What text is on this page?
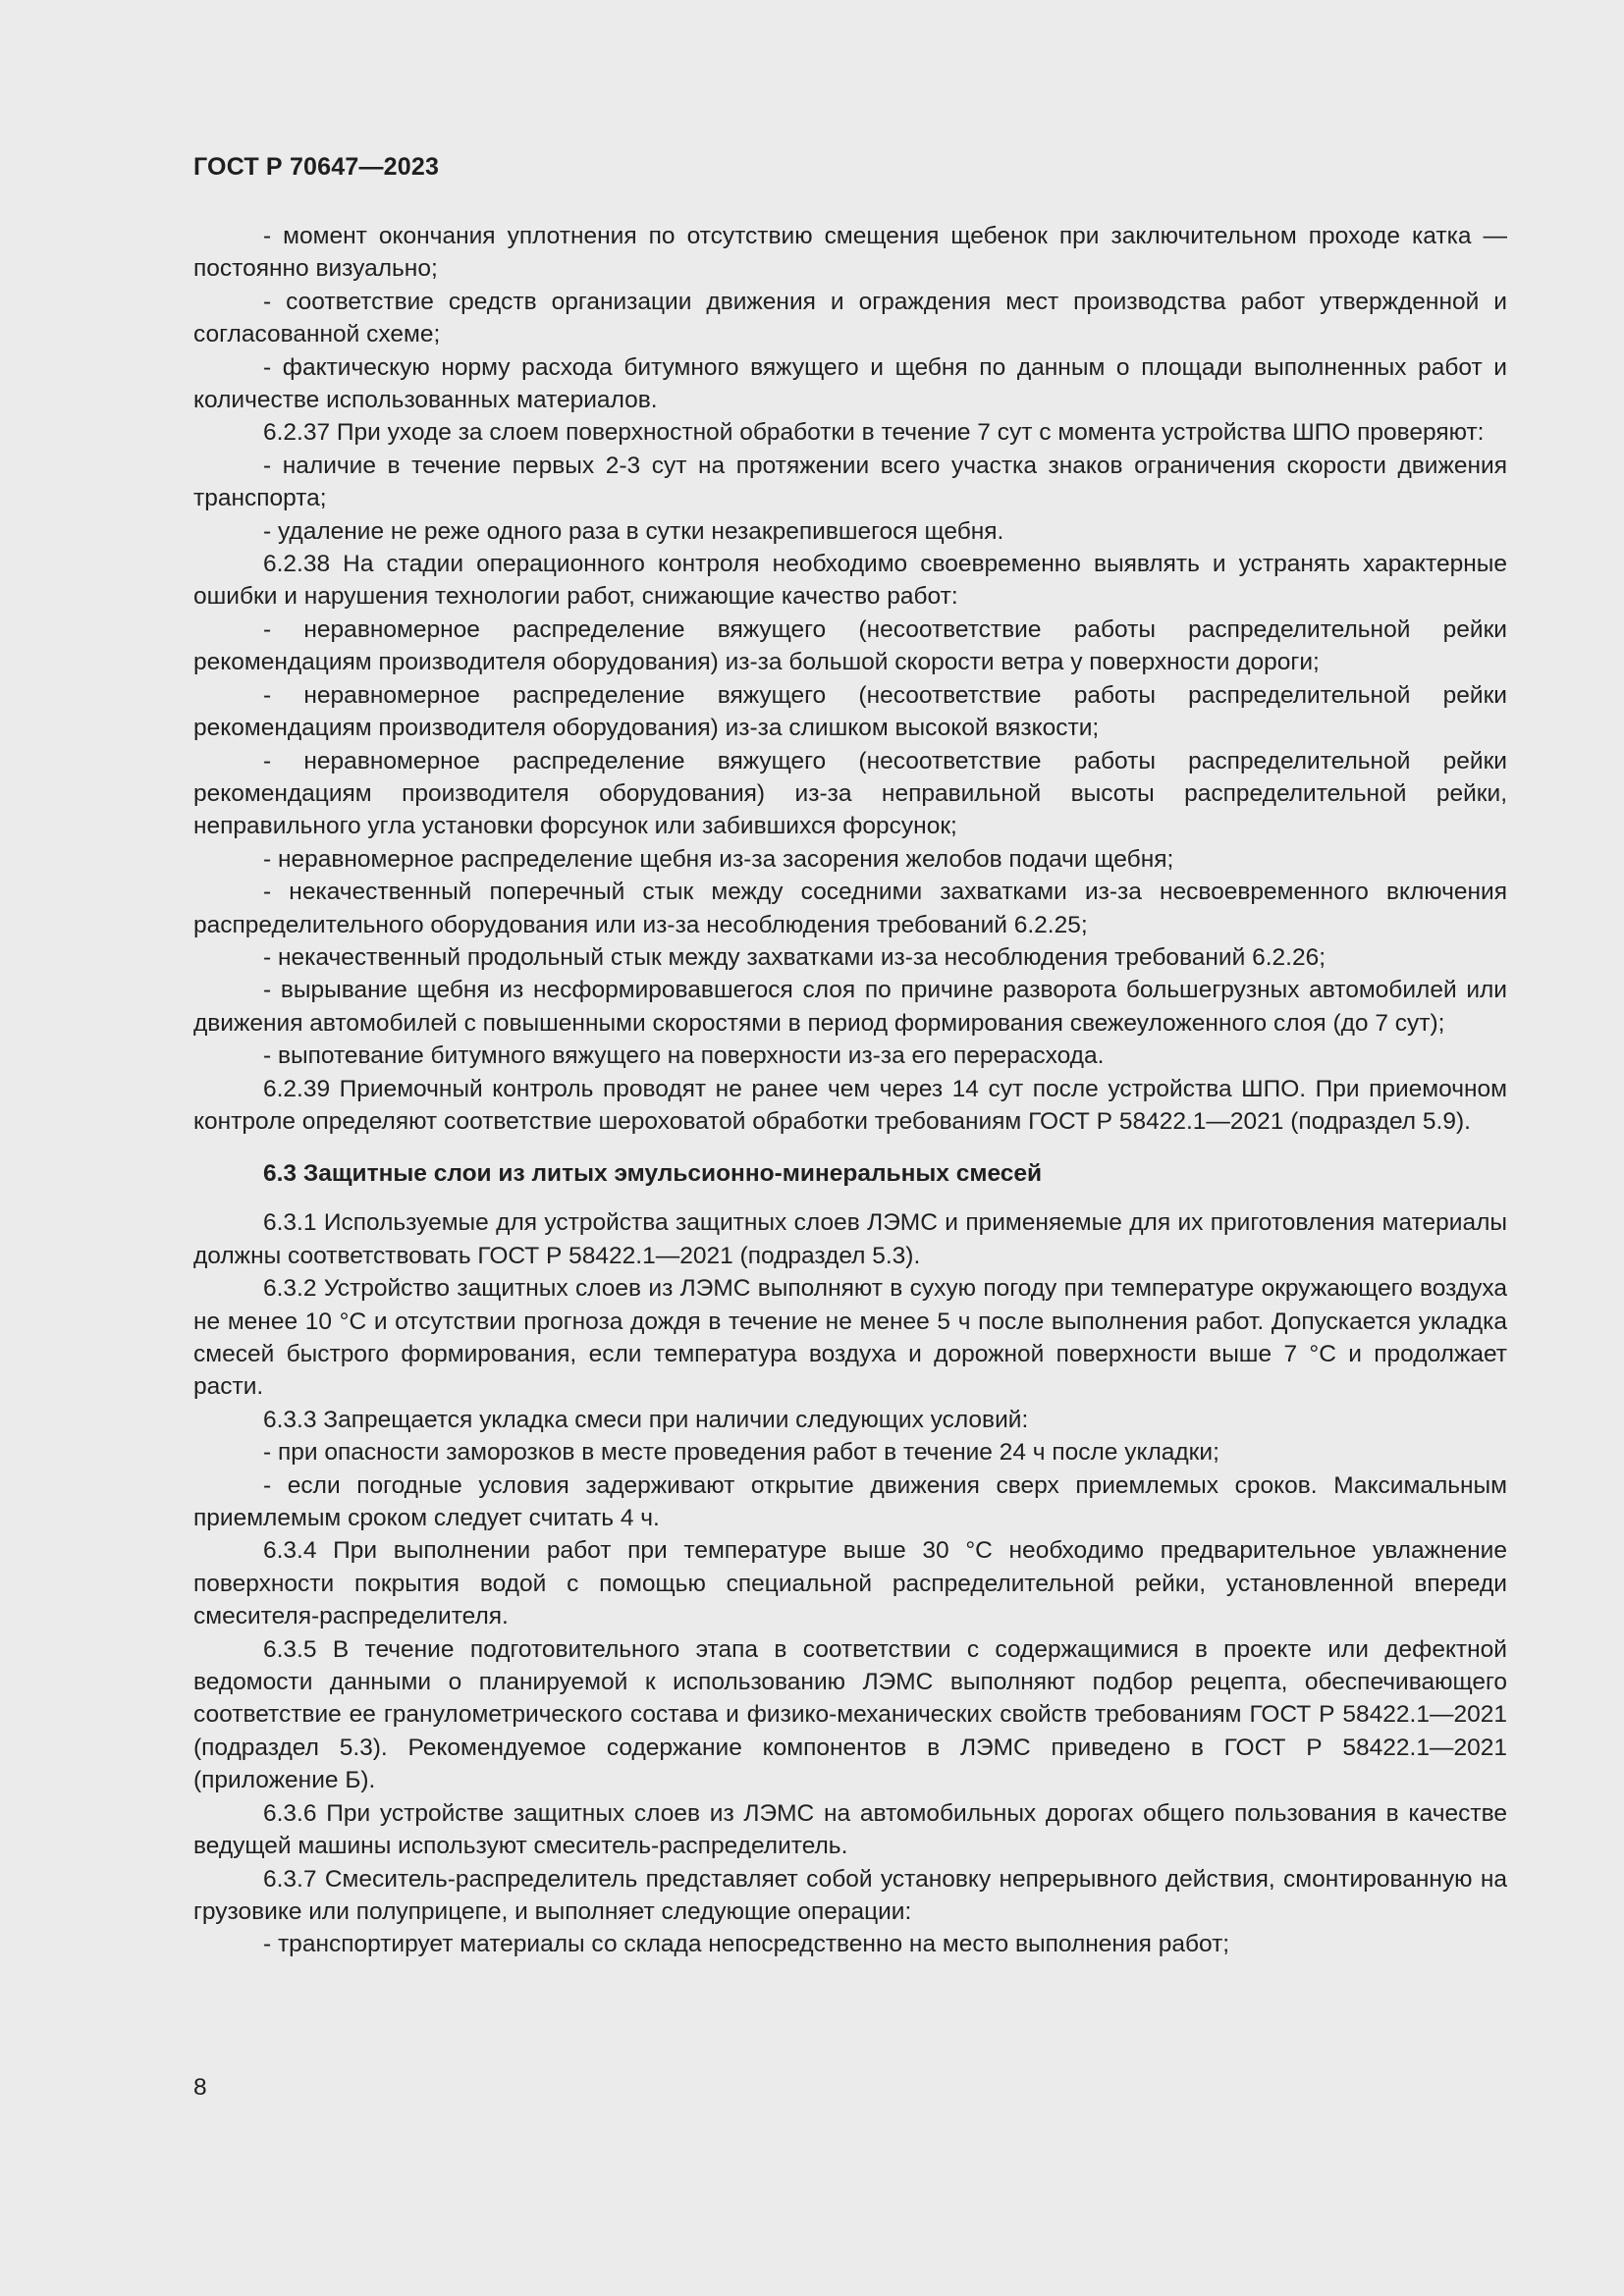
ГОСТ Р 70647—2023

- момент окончания уплотнения по отсутствию смещения щебенок при заключительном проходе катка — постоянно визуально;

- соответствие средств организации движения и ограждения мест производства работ утвержденной и согласованной схеме;

- фактическую норму расхода битумного вяжущего и щебня по данным о площади выполненных работ и количестве использованных материалов.

6.2.37 При уходе за слоем поверхностной обработки в течение 7 сут с момента устройства ШПО проверяют:

- наличие в течение первых 2-3 сут на протяжении всего участка знаков ограничения скорости движения транспорта;

- удаление не реже одного раза в сутки незакрепившегося щебня.

6.2.38 На стадии операционного контроля необходимо своевременно выявлять и устранять характерные ошибки и нарушения технологии работ, снижающие качество работ:

- неравномерное распределение вяжущего (несоответствие работы распределительной рейки рекомендациям производителя оборудования) из-за большой скорости ветра у поверхности дороги;

- неравномерное распределение вяжущего (несоответствие работы распределительной рейки рекомендациям производителя оборудования) из-за слишком высокой вязкости;

- неравномерное распределение вяжущего (несоответствие работы распределительной рейки рекомендациям производителя оборудования) из-за неправильной высоты распределительной рейки, неправильного угла установки форсунок или забившихся форсунок;

- неравномерное распределение щебня из-за засорения желобов подачи щебня;

- некачественный поперечный стык между соседними захватками из-за несвоевременного включения распределительного оборудования или из-за несоблюдения требований 6.2.25;

- некачественный продольный стык между захватками из-за несоблюдения требований 6.2.26;

- вырывание щебня из несформировавшегося слоя по причине разворота большегрузных автомобилей или движения автомобилей с повышенными скоростями в период формирования свежеуложенного слоя (до 7 сут);

- выпотевание битумного вяжущего на поверхности из-за его перерасхода.

6.2.39 Приемочный контроль проводят не ранее чем через 14 сут после устройства ШПО. При приемочном контроле определяют соответствие шероховатой обработки требованиям ГОСТ Р 58422.1—2021 (подраздел 5.9).

6.3 Защитные слои из литых эмульсионно-минеральных смесей

6.3.1 Используемые для устройства защитных слоев ЛЭМС и применяемые для их приготовления материалы должны соответствовать ГОСТ Р 58422.1—2021 (подраздел 5.3).

6.3.2 Устройство защитных слоев из ЛЭМС выполняют в сухую погоду при температуре окружающего воздуха не менее 10 °С и отсутствии прогноза дождя в течение не менее 5 ч после выполнения работ. Допускается укладка смесей быстрого формирования, если температура воздуха и дорожной поверхности выше 7 °С и продолжает расти.

6.3.3 Запрещается укладка смеси при наличии следующих условий:

- при опасности заморозков в месте проведения работ в течение 24 ч после укладки;

- если погодные условия задерживают открытие движения сверх приемлемых сроков. Максимальным приемлемым сроком следует считать 4 ч.

6.3.4 При выполнении работ при температуре выше 30 °С необходимо предварительное увлажнение поверхности покрытия водой с помощью специальной распределительной рейки, установленной впереди смесителя-распределителя.

6.3.5 В течение подготовительного этапа в соответствии с содержащимися в проекте или дефектной ведомости данными о планируемой к использованию ЛЭМС выполняют подбор рецепта, обеспечивающего соответствие ее гранулометрического состава и физико-механических свойств требованиям ГОСТ Р 58422.1—2021 (подраздел 5.3). Рекомендуемое содержание компонентов в ЛЭМС приведено в ГОСТ Р 58422.1—2021 (приложение Б).

6.3.6 При устройстве защитных слоев из ЛЭМС на автомобильных дорогах общего пользования в качестве ведущей машины используют смеситель-распределитель.

6.3.7 Смеситель-распределитель представляет собой установку непрерывного действия, смонтированную на грузовике или полуприцепе, и выполняет следующие операции:

- транспортирует материалы со склада непосредственно на место выполнения работ;

8
